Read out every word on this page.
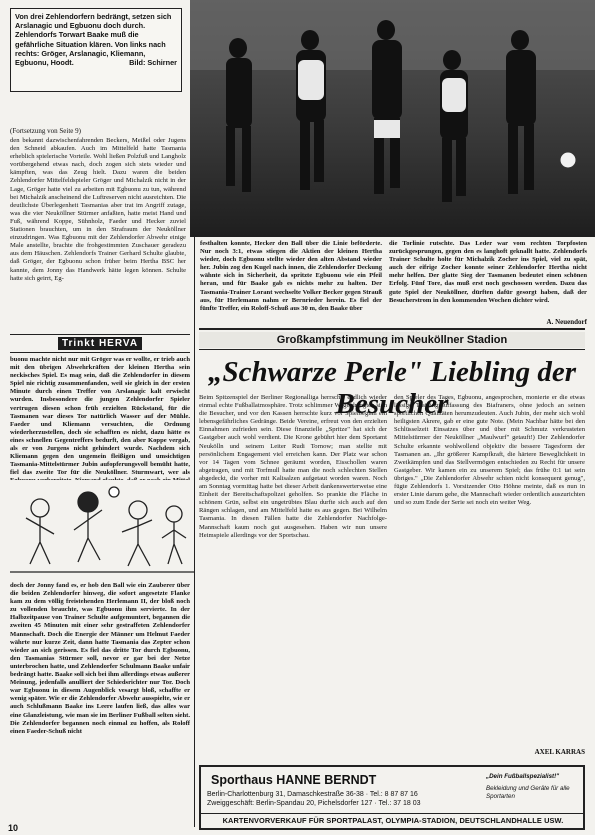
Von drei Zehlendorfern bedrängt, setzen sich Arslanagic und Egbuonu doch durch. Zehlendorfs Torwart Baake muß die gefährliche Situation klären. Von links nach rechts: Gröger, Arslanagic, Kliemann, Egbuonu, Hoodt.	Bild: Schirner
(Fortsetzung von Seite 9)
den bekannt dazwischenfahrenden Beckers, Meißel oder Jugens den Schneid abkaufen. Auch im Mittelfeld hatte Tasmania erheblich spielerische Vorteile. Wohl ließen Polzfuß und Langholz vorübergehend etwas nach, doch zogen sich stets wieder und kämpften, was das Zeug hielt. Dazu waren die beiden Zehlendorfer Mittelfeldspieler Gröger und Michalzik nicht in der Lage, Gröger hatte viel zu arbeiten mit Egbuonu zu tun, während bei Michalzik anscheinend die Luftreserven nicht ausreichten. Die deutlichste Überlegenheit Tasmanias aber trat im Angriff zutage, was die vier Neuköllner Stürmer anfaßten, hatte meist Hand und Fuß, während Koppe, Sühnholz, Faeder und Hecker zuviel Stationen brauchten, um in den Strafraum der Neuköllner einzudringen. Was Egbuonu mit der Zehlendorfer Abwehr einige Male anstellte, brachte die frohgestimmten Zuschauer geradezu aus dem Häuschen. Zehlendorfs Trainer Gerhard Schulte glaubte, daß Gröger, der Egbuonu schon früher beim Hertha BSC her kannte, dem Jonny das Handwerk hätte legen können. Schulte hatte sich geirrt, Eg-
Trinkt HERVA
buonu machte nicht nur mit Gröger was er wollte, er trieb auch mit den übrigen Abwehrkräften der kleinen Hertha sein neckisches Spiel. Es mag sein, daß die Zehlendorfer in diesem Spiel nie richtig zusammenfanden, weil sie gleich in der ersten Minute durch einen Treffer von Arslanagic kalt erwischt wurden. Insbesondere die jungen Zehlendorfer Spieler vertrugen diesen schon früh erzielten Rückstand, für die Tasmanen war dieses Tor natürlich Wasser auf der Mühle. Faeder und Kliemann versuchten, die Ordnung wiederherzustellen, doch sie schafften es nicht, dazu hätte es eines schnellen Gegentreffers bedurft, den aber Koppe vergab, als er von Jurgens nicht gehindert wurde. Nachdem sich Kliemann gegen den ungemein fleißigen und umsichtigen Tasmania-Mittelstürmer Jubin aufopferungsvoll bemüht hatte, fiel das zweite Tor für die Neuköllner. Sturmwart, wer als
doch der Jonny fand es, er hob den Ball wie ein Zauberer über die beiden Zehlendorfer hinweg, die sofort angesetzte Flanke kam zu dem völlig freistehenden Herlemann II, der bloß noch zu vollenden brauchte, was Egbuonu ihm servierte. In der Halbzeitpause von Trainer Schulte aufgemuntert, begannen die zweiten 45 Minuten mit einer sehr gestraffeten Zehlendorfer Mannschaft. Doch die Energie der Männer um Helmut Faeder währte nur kurze Zeit, dann hatte Tasmania das Zepter schon wieder an sich gerissen. Es fiel das dritte Tor durch Egbuonu, den Tasmanias Stürmer soll, nevor er gar bei der Netze unterbrochen hatte, und Zehlendorfer Schulmann Baake unfair bedrängt hatte. Baake soll sich bei ihm allerdings etwas außerer Meinung, jedenfalls anulliert der Schiedsrichter nur Tor. Doch war Egbuonu in diesem Augenblick vesargt bloß, schaffte er wenig später. Wie er die Zehlendorfer Abwehr ausspielte, wie er auch Schlußmann Baake ins Leere laufen ließ, das alles war eine Glanzleistung, wie man sie im Berliner Fußball selten sieht. Die Zehlendorfer begannen noch einmal zu hoffen, als Roloff einen Faeder-Schuß nicht
10
festhalten konnte, Hecker den Ball über die Linie beförderte. Nur noch 3:1, etwas stiegen die Aktien der kleinen Hertha wieder, doch Egbuonu stellte wieder den alten Abstand wieder her. Jubin zog den Kugel nach innen, die Zehlendorfer Deckung wähnte sich in Sicherheit, da spritzte Egbuonu wie ein Pfeil heran, und für Baake gab es nichts mehr zu halten. Der Tasmania-Trainer Lorant wechselte Volker Becker gegen Strauß aus, für Herlemann nahm er Bernrieder herein. Es fiel der fünfte Treffer, ein Roloff-Schuß aus 30 m, den Baake über
die Torlinie rutschte. Das Leder war vom rechten Torpfosten zurückgesprungen, gegen den es langhoft geknallt hatte. Zehlendorfs Trainer Schulte holte für Michalzik Zocher ins Spiel, viel zu spät, auch der eifrige Zocher konnte seiner Zehlendorfer Hertha nicht mehr helfen. Der glatte Sieg der Tasmanen bedeutet einen schönen Erfolg. Fünf Tore, das muß erst noch geschossen werden. Dazu das gute Spiel der Neuköllner, dürften dafür gesorgt haben, daß der Besucherstrom in den kommenden Wochen dichter wird.
A. Neuendorf
Großkampfstimmung im Neuköllner Stadion
„Schwarze Perle" Liebling der Besucher
Beim Spitzenspiel der Berliner Regionalliga herrschte endlich wieder einmal echte Fußballatmosphäre. Trotz schlimmer Wege drängten sich die Besucher, und vor den Kassen herrschte kurz vor Spielbeginn ein lebensgefährliches Gedränge. Beide Vereine, erfreut von den erzielten Einnahmen zufrieden sein. Diese finanzielle „Spritze" hat sich der Gastgeber auch wohl verdient. Die Krone gebührt hier dem Sportamt Neukölln und seinem Leiter Rudi Tornow; man stellte mit persönlichem Engagement viel erreichen kann. Der Platz war schon vor 14 Tagen vom Schnee geräumt worden, Eisschollen waren abgetragen, und mit Torfmull hatte man die noch schlechten Stellen abgedeckt, die vorher mit Kalisalzen aufgetaut worden waren. Noch am Sonntag vormittag hatte bei dieser Arbeit dankenswerterweise eine Einheit der Bereitschaftspolizei geholfen. So prankte die Fläche in schönem Grün, selbst ein ungetrübtes Blau durfte sich auch auf den Rängen schlagen, und am Mittelfeld hatte es aus gegen. Bei Wilhelm Tasmania. In diesen Fällen hatte die Zehlendorfer Nachfolge-Mannschaft kaum noch gut ausgesehen. Haben wir nun unsere Heimspiele allerdings vor der Sportschau.
den Spieler des Tages, Egbuonu, angesprochen, monierte er die etwas lässige Trainingsauffassung des Biafraners, ohne jedoch an seinen sportlichen Qualitäten herumzudeuten. Auch Jubin, der mehr sich wohl heiligsten Akrere, gab er eine gute Note. (Mein Nachbar hätte bei den Schlüsselzeit Einsatzes über und über mit Schmutz verkrusteten Mittelstürmer der Neuköllner „Maulwurf" getauft!) Der Zehlendorfer Schulte erkannte wohlwollend objektiv die bessere Tagesform der Tasmanen an. „Ihr größerer Kampfkraft, die härtere Beweglichkeit in Zweikämpfen und das Stellvermögen entschieden zu Recht für unsere Gastgeber. Wir kamen ein zu unserem Spiel; das frühe 0:1 tat sein übriges." „Die Zehlendorfer Abwehr schien nicht konsequent genug", fügte Zehlendorfs 1. Vorsitzender Otto Höhne meinte, daß es nun in erster Linie darum gehe, die Mannschaft wieder ordentlich auszurichten und so zum Ende der Serie sei noch ein weiter Weg.
AXEL KARRAS
Sporthaus HANNE BERNDT
Berlin-Charlottenburg 31, Damaschkestraße 36-38 · Tel.: 8 87 87 16
Zweiggeschäft: Berlin-Spandau 20, Pichelsdorfer 127 · Tel.: 37 18 03
„Dein Fußballspezialist!"
Bekleidung und Geräte für alle Sportarten
KARTENVORVERKAUF FÜR SPORTPALAST, OLYMPIA-STADION, DEUTSCHLANDHALLE USW.
